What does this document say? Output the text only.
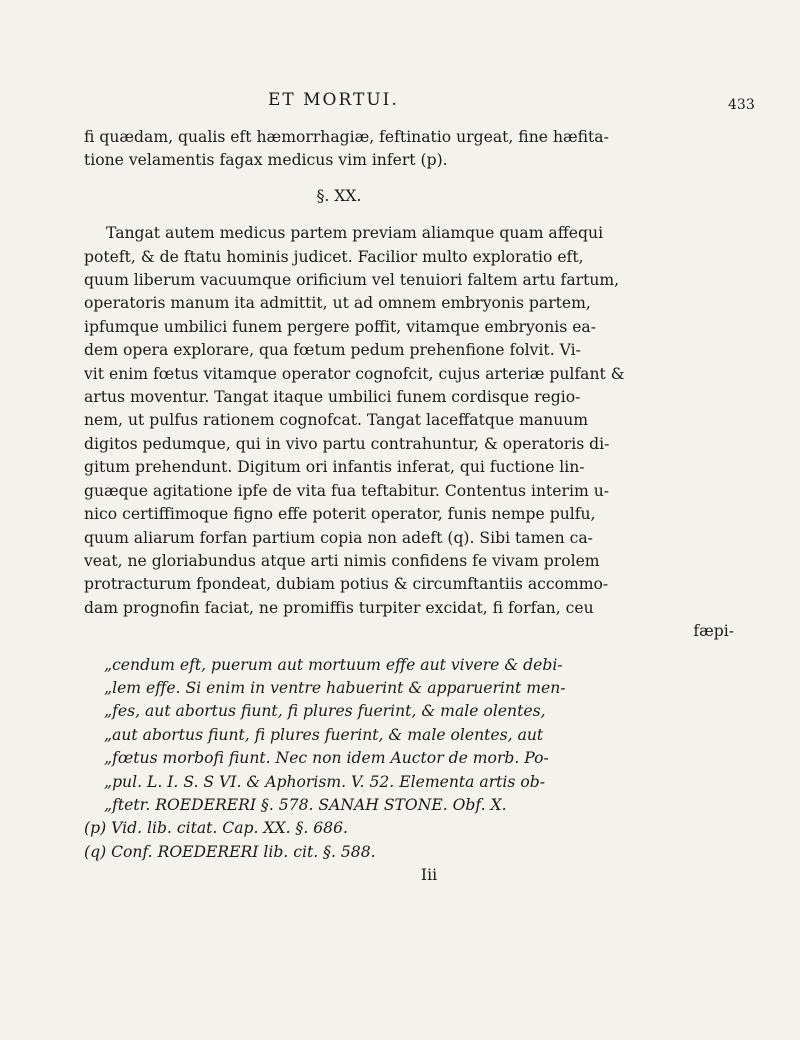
ET MORTUI.	433

fi quædam, qualis eft hæmorrhagiæ, feftinatio urgeat, fine hæfita-
tione velamentis fagax medicus vim infert (p).
§. XX.
Tangat autem medicus partem previam aliamque quam affequi
poteft, & de ftatu hominis judicet. Facilior multo exploratio eft,
quum liberum vacuumque orificium vel tenuiori faltem artu fartum,
operatoris manum ita admittit, ut ad omnem embryonis partem,
ipfumque umbilici funem pergere poffit, vitamque embryonis ea-
dem opera explorare, qua fœtum pedum prehenfione folvit. Vi-
vit enim fœtus vitamque operator cognofcit, cujus arteriæ pulfant &
artus moventur. Tangat itaque umbilici funem cordisque regio-
nem, ut pulfus rationem cognofcat. Tangat laceffatque manuum
digitos pedumque, qui in vivo partu contrahuntur, & operatoris di-
gitum prehendunt. Digitum ori infantis inferat, qui fuctione lin-
guæque agitatione ipfe de vita fua teftabitur. Contentus interim u-
nico certiffimoque figno effe poterit operator, funis nempe pulfu,
quum aliarum forfan partium copia non adeft (q). Sibi tamen ca-
veat, ne gloriabundus atque arti nimis confidens fe vivam prolem
protracturum fpondeat, dubiam potius & circumftantiis accommo-
dam prognofin faciat, ne promiffis turpiter excidat, fi forfan, ceu
fæpi-
„cendum eft, puerum aut mortuum effe aut vivere & debi-
„lem effe. Si enim in ventre habuerint & apparuerint men-
„fes, aut abortus fiunt, fi plures fuerint, & male olentes,
„aut abortus fiunt, fi plures fuerint, & male olentes, aut
„fœtus morbofi fiunt. Nec non idem Auctor de morb. Po-
„pul. L. I. S. S VI. & Aphorism. V. 52. Elementa artis ob-
„ftetr. ROEDERERI §. 578. SANAH STONE. Obf. X.
(p) Vid. lib. citat. Cap. XX. §. 686.
(q) Conf. ROEDERERI lib. cit. §. 588.
Iii
